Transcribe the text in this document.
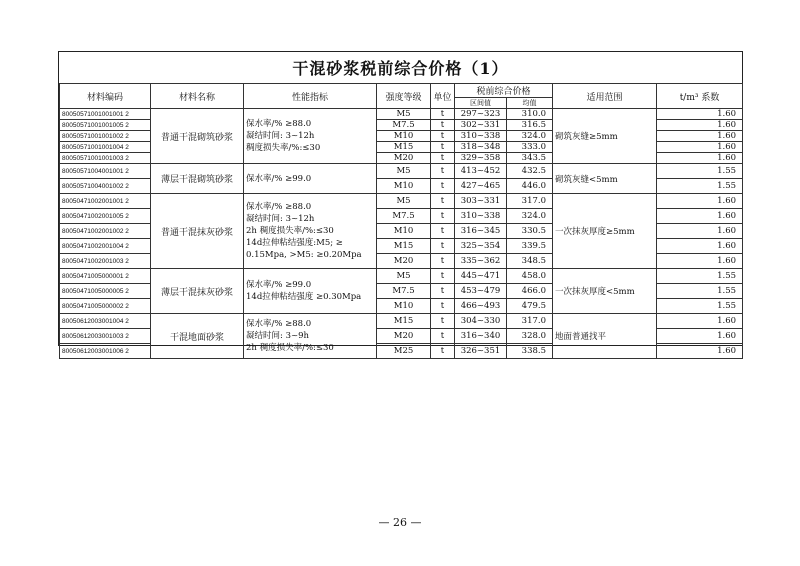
干混砂浆税前综合价格（1）
材料编码	材料名称	性能指标	强度等级	单位	税前综合价格		适用范围	t/m³ 系数
					区间值	均值		
80050571001001001 2	普通干混砌筑砂浆	保水率/% ≥88.0
凝结时间: 3~12h
稠度损失率/%:≤30	M5	t	297~323	310.0	砌筑灰缝≥5mm	1.60
80050571001001005 2			M7.5	t	302~331	316.5		1.60
80050571001001002 2			M10	t	310~338	324.0		1.60
80050571001001004 2			M15	t	318~348	333.0		1.60
80050571001001003 2			M20	t	329~358	343.5		1.60
80050571004001001 2	薄层干混砌筑砂浆	保水率/% ≥99.0	M5	t	413~452	432.5	砌筑灰缝<5mm	1.55
80050571004001002 2			M10	t	427~465	446.0		1.55
80050471002001001 2	普通干混抹灰砂浆	保水率/% ≥88.0
凝结时间: 3~12h
2h 稠度损失率/%:≤30
14d拉伸粘结强度:M5; ≥
0.15Mpa, >M5: ≥0.20Mpa	M5	t	303~331	317.0	一次抹灰厚度≥5mm	1.60
80050471002001005 2			M7.5	t	310~338	324.0		1.60
80050471002001002 2			M10	t	316~345	330.5		1.60
80050471002001004 2			M15	t	325~354	339.5		1.60
80050471002001003 2			M20	t	335~362	348.5		1.60
80050471005000001 2	薄层干混抹灰砂浆	保水率/% ≥99.0
14d拉伸粘结强度 ≥0.30Mpa	M5	t	445~471	458.0	一次抹灰厚度<5mm	1.55
80050471005000005 2			M7.5	t	453~479	466.0		1.55
80050471005000002 2			M10	t	466~493	479.5		1.55
80050612003001004 2	干混地面砂浆	保水率/% ≥88.0
凝结时间: 3~9h
2h 稠度损失率/%:≤30	M15	t	304~330	317.0	地面普通找平	1.60
80050612003001003 2			M20	t	316~340	328.0		1.60
80050612003001006 2			M25	t	326~351	338.5		1.60
— 26 —
